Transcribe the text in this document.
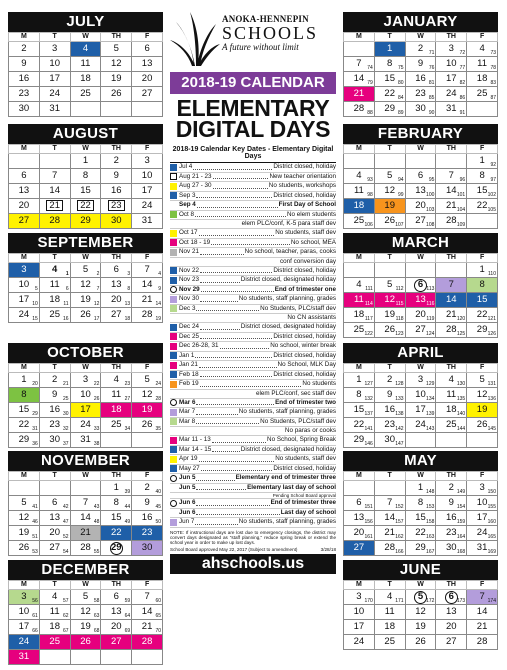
JULY
M	T	W	TH	F
2	3	4	5	6
9	10	11	12	13
16	17	18	19	20
23	24	25	26	27
30	31			
AUGUST
M	T	W	TH	F
		1	2	3
6	7	8	9	10
13	14	15	16	17
20	21	22	23	24
27	28	29	30	31
SEPTEMBER
M	T	W	TH	F
3	4 1	5 2	6 3	7 4

10 5	11 6	12 7	13 8	14 9

17 10	18 11	19 12	20 13	21 14

24 15	25 16	26 17	27 18	28 19
OCTOBER
M	T	W	TH	F
1 20	2 21	3 22	4 23	5 24

8	9 25	10 26	11 27	12 28

15 29	16 30	17	18	19
22 31	23 32	24 33	25 34	26 35

29 36	30 37	31 38		

NOVEMBER
M	T	W	TH	F
			1 39	2 40

5 41	6 42	7 43	8 44	9 45

12 46	13 47	14 48	15 49	16 50

19 51	20 52	21	22	23
26 53	27 54	28 55	29	30
DECEMBER
M	T	W	TH	F
3 56	4 57	5 58	6 59	7 60

10 61	11 62	12 63	13 64	14 65

17 66	18 67	19 68	20 69	21 70

24	25	26	27	28
31				
JANUARY
M	T	W	TH	F
	1	2 71	3 72	4 73

7 74	8 75	9 76	10 77	11 78

14 79	15 80	16 81	17 82	18 83

21	22 84	23 85	24 86	25 87

28 88	29 89	30 90	31 91	

FEBRUARY
M	T	W	TH	F
				1 92

4 93	5 94	6 95	7 96	8 97

11 98	12 99	13 100	14 101	15 102

18	19	20 103	21 104	22 105

25 106	26 107	27 108	28 109	

MARCH
M	T	W	TH	F
				1 110

4 111	5 112	6 113	7	8
11 114	12 115	13 116	14	15
18 117	19 118	20 119	21 120	22 121

25 122	26 123	27 124	28 125	29 126
APRIL
M	T	W	TH	F
1 127	2 128	3 129	4 130	5 131

8 132	9 133	10 134	11 135	12 136

15 137	16 138	17 139	18 140	19
22 141	23 142	24 143	25 144	26 145

29 146	30 147			

MAY
M	T	W	TH	F
		1 148	2 149	3 150

6 151	7 152	8 153	9 154	10 155

13 156	14 157	15 158	16 159	17 160

20 161	21 162	22 163	23 164	24 165

27	28 166	29 167	30 168	31 169
JUNE
M	T	W	TH	F
3 170	4 171	5 172	6 173	7 174

10	11	12	13	14
17	18	19	20	21
24	25	26	27	28
ANOKA-HENNEPIN
SCHOOLS
A future without limit
2018-19 CALENDAR
ELEMENTARY
DIGITAL DAYS
2018-19 Calendar Key Dates - Elementary Digital Days
Jul 4	District closed, holiday
Aug 21 - 23	New teacher orientation
Aug 27 - 30	No students, workshops
Sep 3	District closed, holiday
Sep 4	First Day of School
Oct 8	No elem students
elem PLC/conf, K-5 para staff dev
Oct 17	No students, staff dev
Oct 18 - 19	No school, MEA
Nov 21	No school, teacher, paras, cooks
conf conversion day
Nov 22	District closed, holiday
Nov 23	District closed, designated holiday
Nov 29	End of trimester one
Nov 30	No students, staff planning, grades
Dec 3	No Students, PLC/staff dev
No CN assistants
Dec 24	District closed, designated holiday
Dec 25	District closed, holiday
Dec 26-28, 31	No school, winter break
Jan 1	District closed, holiday
Jan 21	No School, MLK Day
Feb 18	District closed, holiday
Feb 19	No students
elem PLC/conf, sec staff dev
Mar 6	End of trimester two
Mar 7	No students, staff planning, grades
Mar 8	No Students, PLC/staff dev
No paras or cooks
Mar 11 - 13	No School, Spring Break
Mar 14 - 15	District closed, designated holiday
Apr 19	No students, staff dev
May 27	District closed, holiday
Jun 5	Elementary end of trimester three
Jun 5	Elementary last day of school
Pending School Board approval
Jun 6	End of trimester three
Jun 6	Last day of school
Jun 7	No students, staff planning, grades
NOTE: If instructional days are lost due to emergency closings, the district may convert days designated as "staff planning," reduce spring break or extend the school year in order to make up lost days.
School Board approved May 22, 2017 (Subject to amendment)	3/28/18
ahschools.us
